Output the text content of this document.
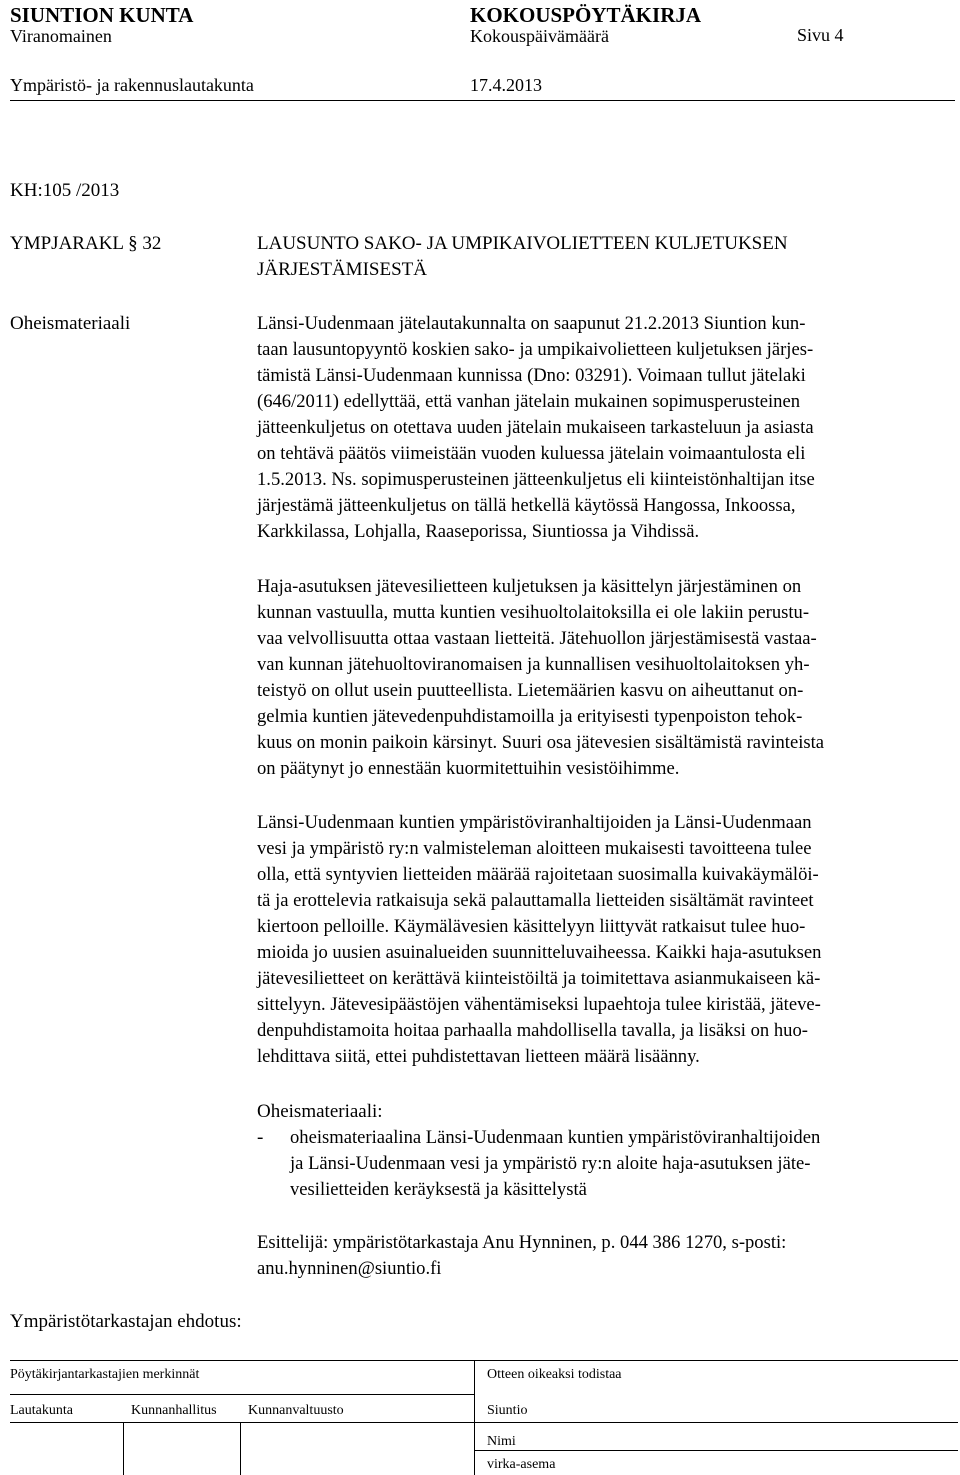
SIUNTION KUNTA	KOKOUSPÖYTÄKIRJA
Viranomainen	Kokouspäivämäärä	Sivu 4
Ympäristö- ja rakennuslautakunta	17.4.2013
KH:105 /2013
YMPJARAKL § 32	LAUSUNTO SAKO- JA UMPIKAIVOLIETTEEN KULJETUKSEN
JÄRJESTÄMISESTÄ
Oheismateriaali	Länsi-Uudenmaan jätelautakunnalta on saapunut 21.2.2013 Siuntion kun-
taan lausuntopyyntö koskien sako- ja umpikaivolietteen kuljetuksen järjes-
tämistä Länsi-Uudenmaan kunnissa (Dno: 03291). Voimaan tullut jätelaki
(646/2011) edellyttää, että vanhan jätelain mukainen sopimusperusteinen
jätteenkuljetus on otettava uuden jätelain mukaiseen tarkasteluun ja asiasta
on tehtävä päätös viimeistään vuoden kuluessa jätelain voimaantulosta eli
1.5.2013. Ns. sopimusperusteinen jätteenkuljetus eli kiinteistönhaltijan itse
järjestämä jätteenkuljetus on tällä hetkellä käytössä Hangossa, Inkoossa,
Karkkilassa, Lohjalla, Raaseporissa, Siuntiossa ja Vihdissä.
Haja-asutuksen jätevesilietteen kuljetuksen ja käsittelyn järjestäminen on
kunnan vastuulla, mutta kuntien vesihuoltolaitoksilla ei ole lakiin perustu-
vaa velvollisuutta ottaa vastaan lietteitä. Jätehuollon järjestämisestä vastaa-
van kunnan jätehuoltoviranomaisen ja kunnallisen vesihuoltolaitoksen yh-
teistyö on ollut usein puutteellista. Lietemäärien kasvu on aiheuttanut on-
gelmia kuntien jätevedenpuhdistamoilla ja erityisesti typenpoiston tehok-
kuus on monin paikoin kärsinyt. Suuri osa jätevesien sisältämistä ravinteista
on päätynyt jo ennestään kuormitettuihin vesistöihimme.
Länsi-Uudenmaan kuntien ympäristöviranhaltijoiden ja Länsi-Uudenmaan
vesi ja ympäristö ry:n valmisteleman aloitteen mukaisesti tavoitteena tulee
olla, että syntyvien lietteiden määrää rajoitetaan suosimalla kuivakäymälöi-
tä ja erottelevia ratkaisuja sekä palauttamalla lietteiden sisältämät ravinteet
kiertoon pelloille. Käymälävesien käsittelyyn liittyvät ratkaisut tulee huo-
mioida jo uusien asuinalueiden suunnitteluvaiheessa. Kaikki haja-asutuksen
jätevesilietteet on kerättävä kiinteistöiltä ja toimitettava asianmukaiseen kä-
sittelyyn. Jätevesipäästöjen vähentämiseksi lupaehtoja tulee kiristää, jäteve-
denpuhdistamoita hoitaa parhaalla mahdollisella tavalla, ja lisäksi on huo-
lehdittava siitä, ettei puhdistettavan lietteen määrä lisäänny.
Oheismateriaali:
- oheismateriaalina Länsi-Uudenmaan kuntien ympäristöviranhaltijoiden
ja Länsi-Uudenmaan vesi ja ympäristö ry:n aloite haja-asutuksen jäte-
vesilietteiden keräyksestä ja käsittelystä
Esittelijä: ympäristötarkastaja Anu Hynninen, p. 044 386 1270, s-posti:
anu.hynninen@siuntio.fi
Ympäristötarkastajan ehdotus:
Pöytäkirjantarkastajien merkinnät	Otteen oikeaksi todistaa
Lautakunta	Kunnanhallitus Kunnanvaltuusto	Siuntio
Nimi
virka-asema
